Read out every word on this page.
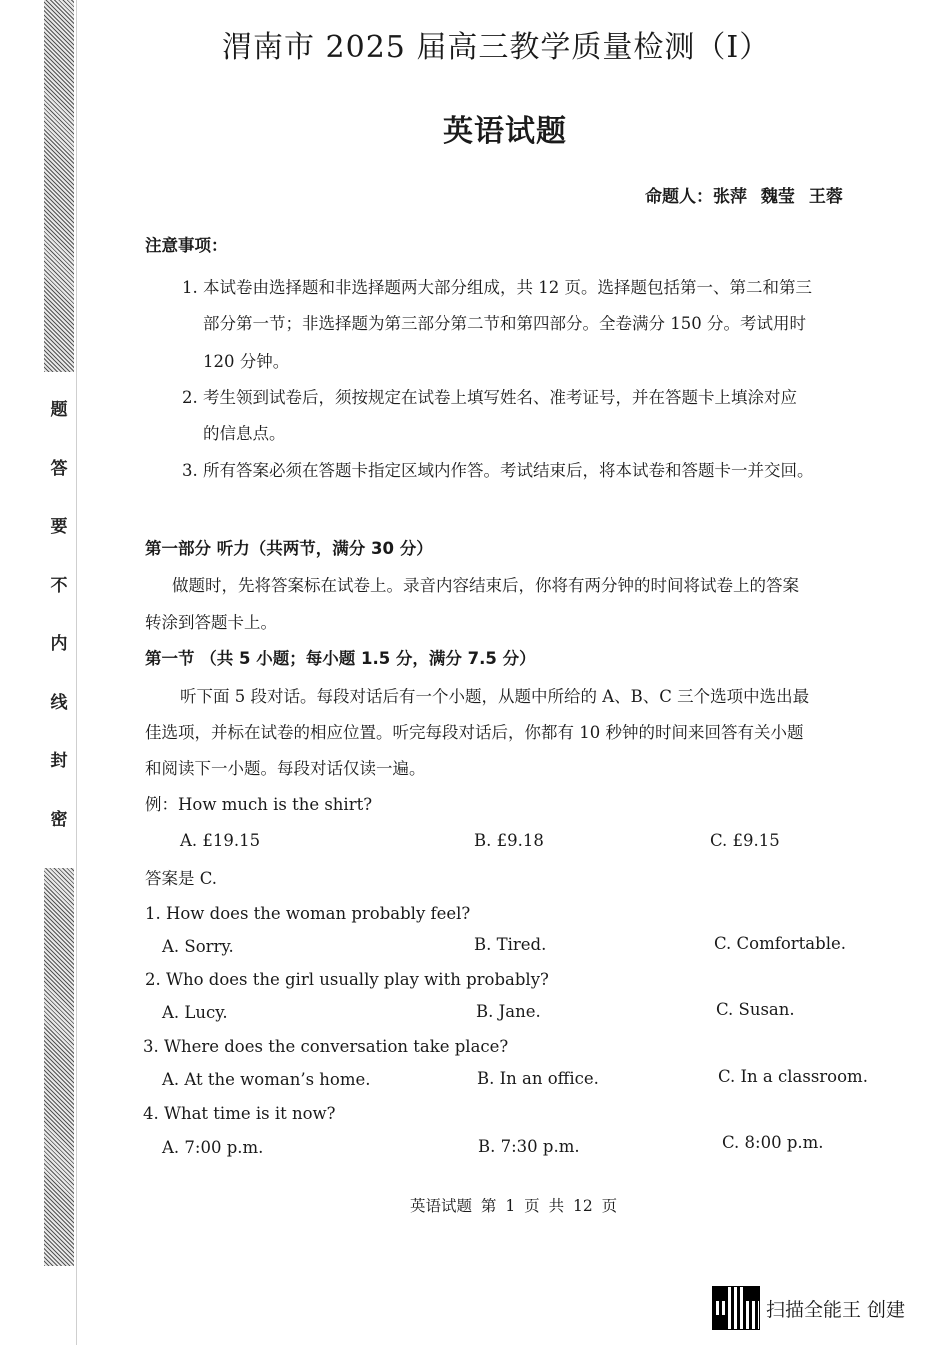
题
答
要
不
内
线
封
密
渭南市 2025 届高三教学质量检测（Ⅰ）
英语试题
命题人：张萍 魏莹 王蓉
注意事项：
1. 本试卷由选择题和非选择题两大部分组成，共 12 页。选择题包括第一、第二和第三
部分第一节；非选择题为第三部分第二节和第四部分。全卷满分 150 分。考试用时
120 分钟。
2. 考生领到试卷后，须按规定在试卷上填写姓名、准考证号，并在答题卡上填涂对应
的信息点。
3. 所有答案必须在答题卡指定区域内作答。考试结束后，将本试卷和答题卡一并交回。
第一部分 听力（共两节，满分 30 分）
做题时，先将答案标在试卷上。录音内容结束后，你将有两分钟的时间将试卷上的答案
转涂到答题卡上。
第一节 （共 5 小题；每小题 1.5 分，满分 7.5 分）
听下面 5 段对话。每段对话后有一个小题，从题中所给的 A、B、C 三个选项中选出最
佳选项，并标在试卷的相应位置。听完每段对话后，你都有 10 秒钟的时间来回答有关小题
和阅读下一小题。每段对话仅读一遍。
例：How much is the shirt?
A. £19.15	B. £9.18	C. £9.15
答案是 C.
1. How does the woman probably feel?
A. Sorry.	B. Tired.	C. Comfortable.
2. Who does the girl usually play with probably?
A. Lucy.	B. Jane.	C. Susan.
3. Where does the conversation take place?
A. At the woman’s home.	B. In an office.	C. In a classroom.
4. What time is it now?
A. 7:00 p.m.	B. 7:30 p.m.	C. 8:00 p.m.
英语试题 第 1 页 共 12 页
扫描全能王 创建
